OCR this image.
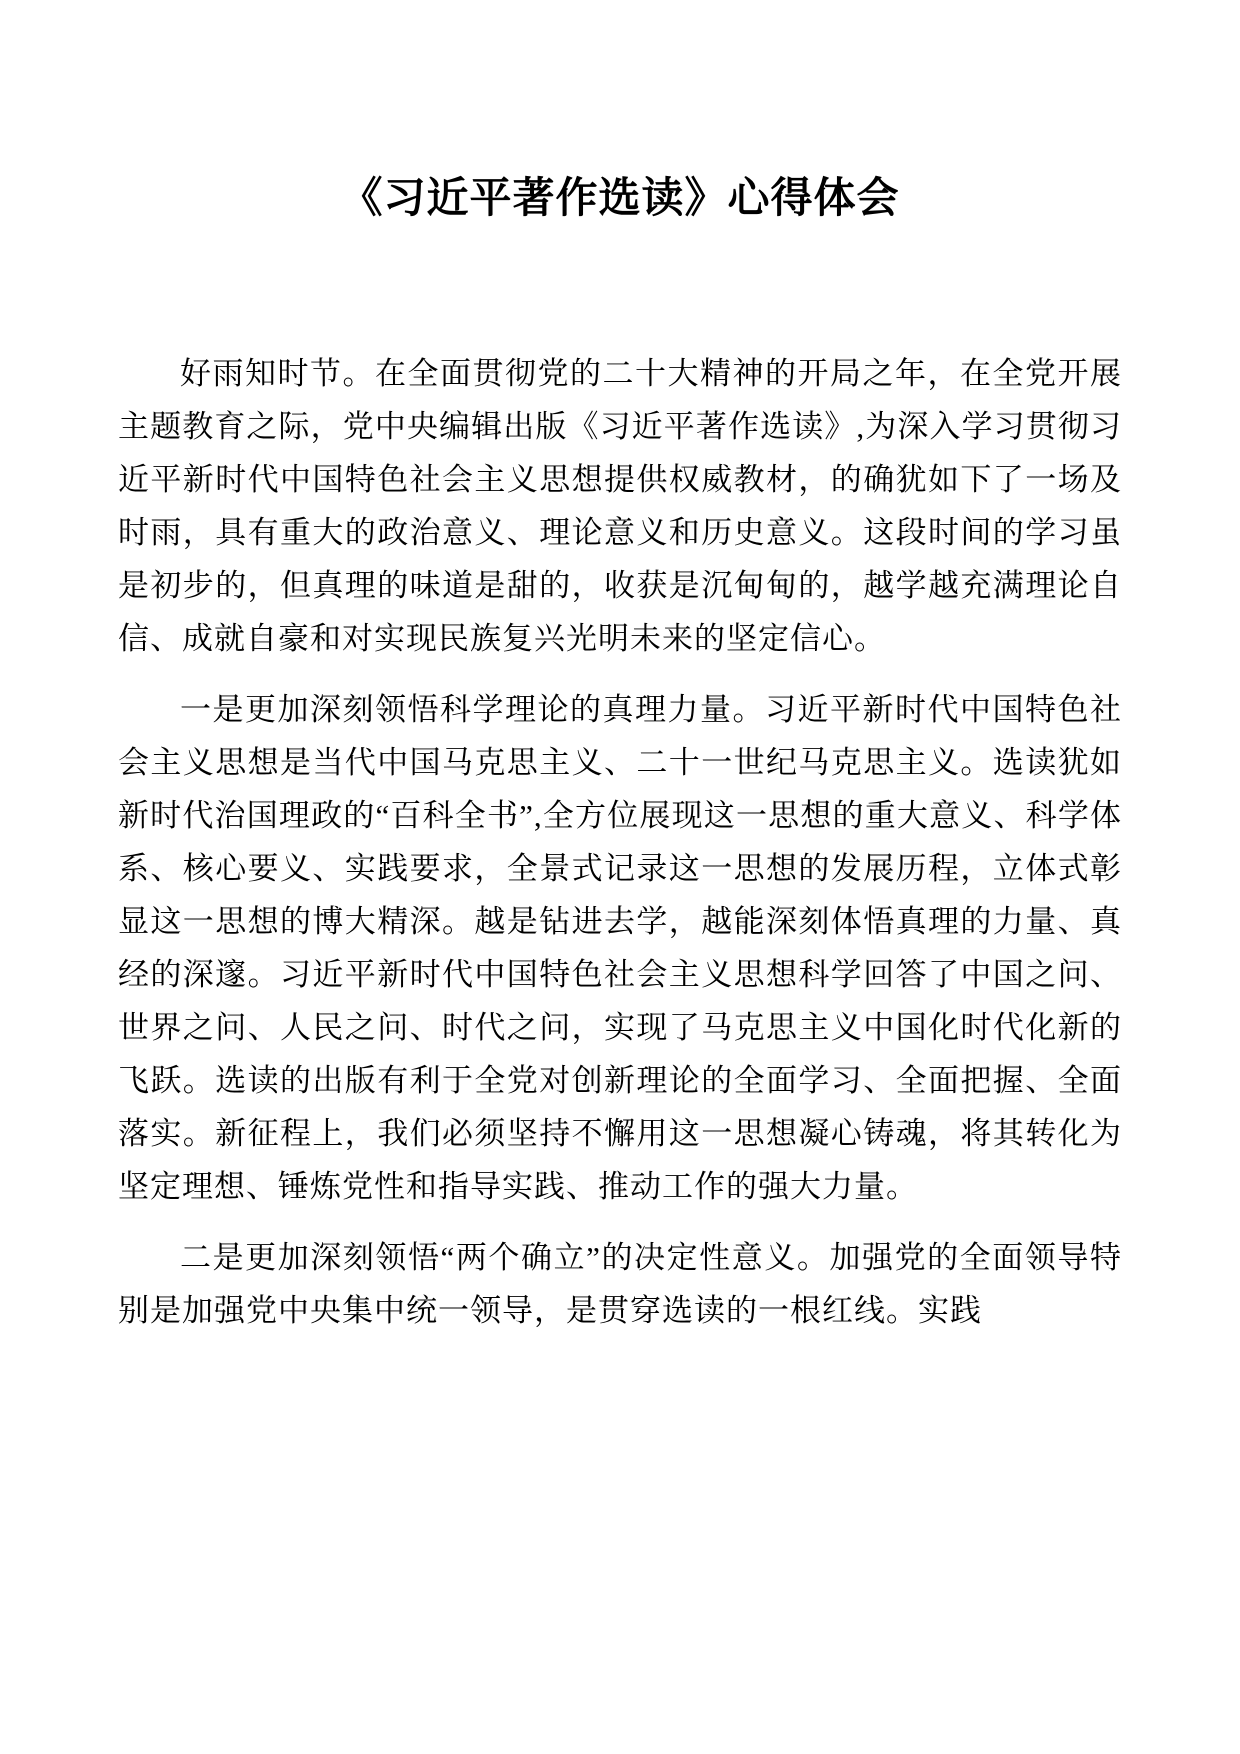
《习近平著作选读》心得体会

好雨知时节。在全面贯彻党的二十大精神的开局之年，在全党开展主题教育之际，党中央编辑出版《习近平著作选读》,为深入学习贯彻习近平新时代中国特色社会主义思想提供权威教材，的确犹如下了一场及时雨，具有重大的政治意义、理论意义和历史意义。这段时间的学习虽是初步的，但真理的味道是甜的，收获是沉甸甸的，越学越充满理论自信、成就自豪和对实现民族复兴光明未来的坚定信心。

一是更加深刻领悟科学理论的真理力量。习近平新时代中国特色社会主义思想是当代中国马克思主义、二十一世纪马克思主义。选读犹如新时代治国理政的“百科全书”,全方位展现这一思想的重大意义、科学体系、核心要义、实践要求，全景式记录这一思想的发展历程，立体式彰显这一思想的博大精深。越是钻进去学，越能深刻体悟真理的力量、真经的深邃。习近平新时代中国特色社会主义思想科学回答了中国之问、世界之问、人民之问、时代之问，实现了马克思主义中国化时代化新的飞跃。选读的出版有利于全党对创新理论的全面学习、全面把握、全面落实。新征程上，我们必须坚持不懈用这一思想凝心铸魂，将其转化为坚定理想、锤炼党性和指导实践、推动工作的强大力量。

二是更加深刻领悟“两个确立”的决定性意义。加强党的全面领导特别是加强党中央集中统一领导，是贯穿选读的一根红线。实践
